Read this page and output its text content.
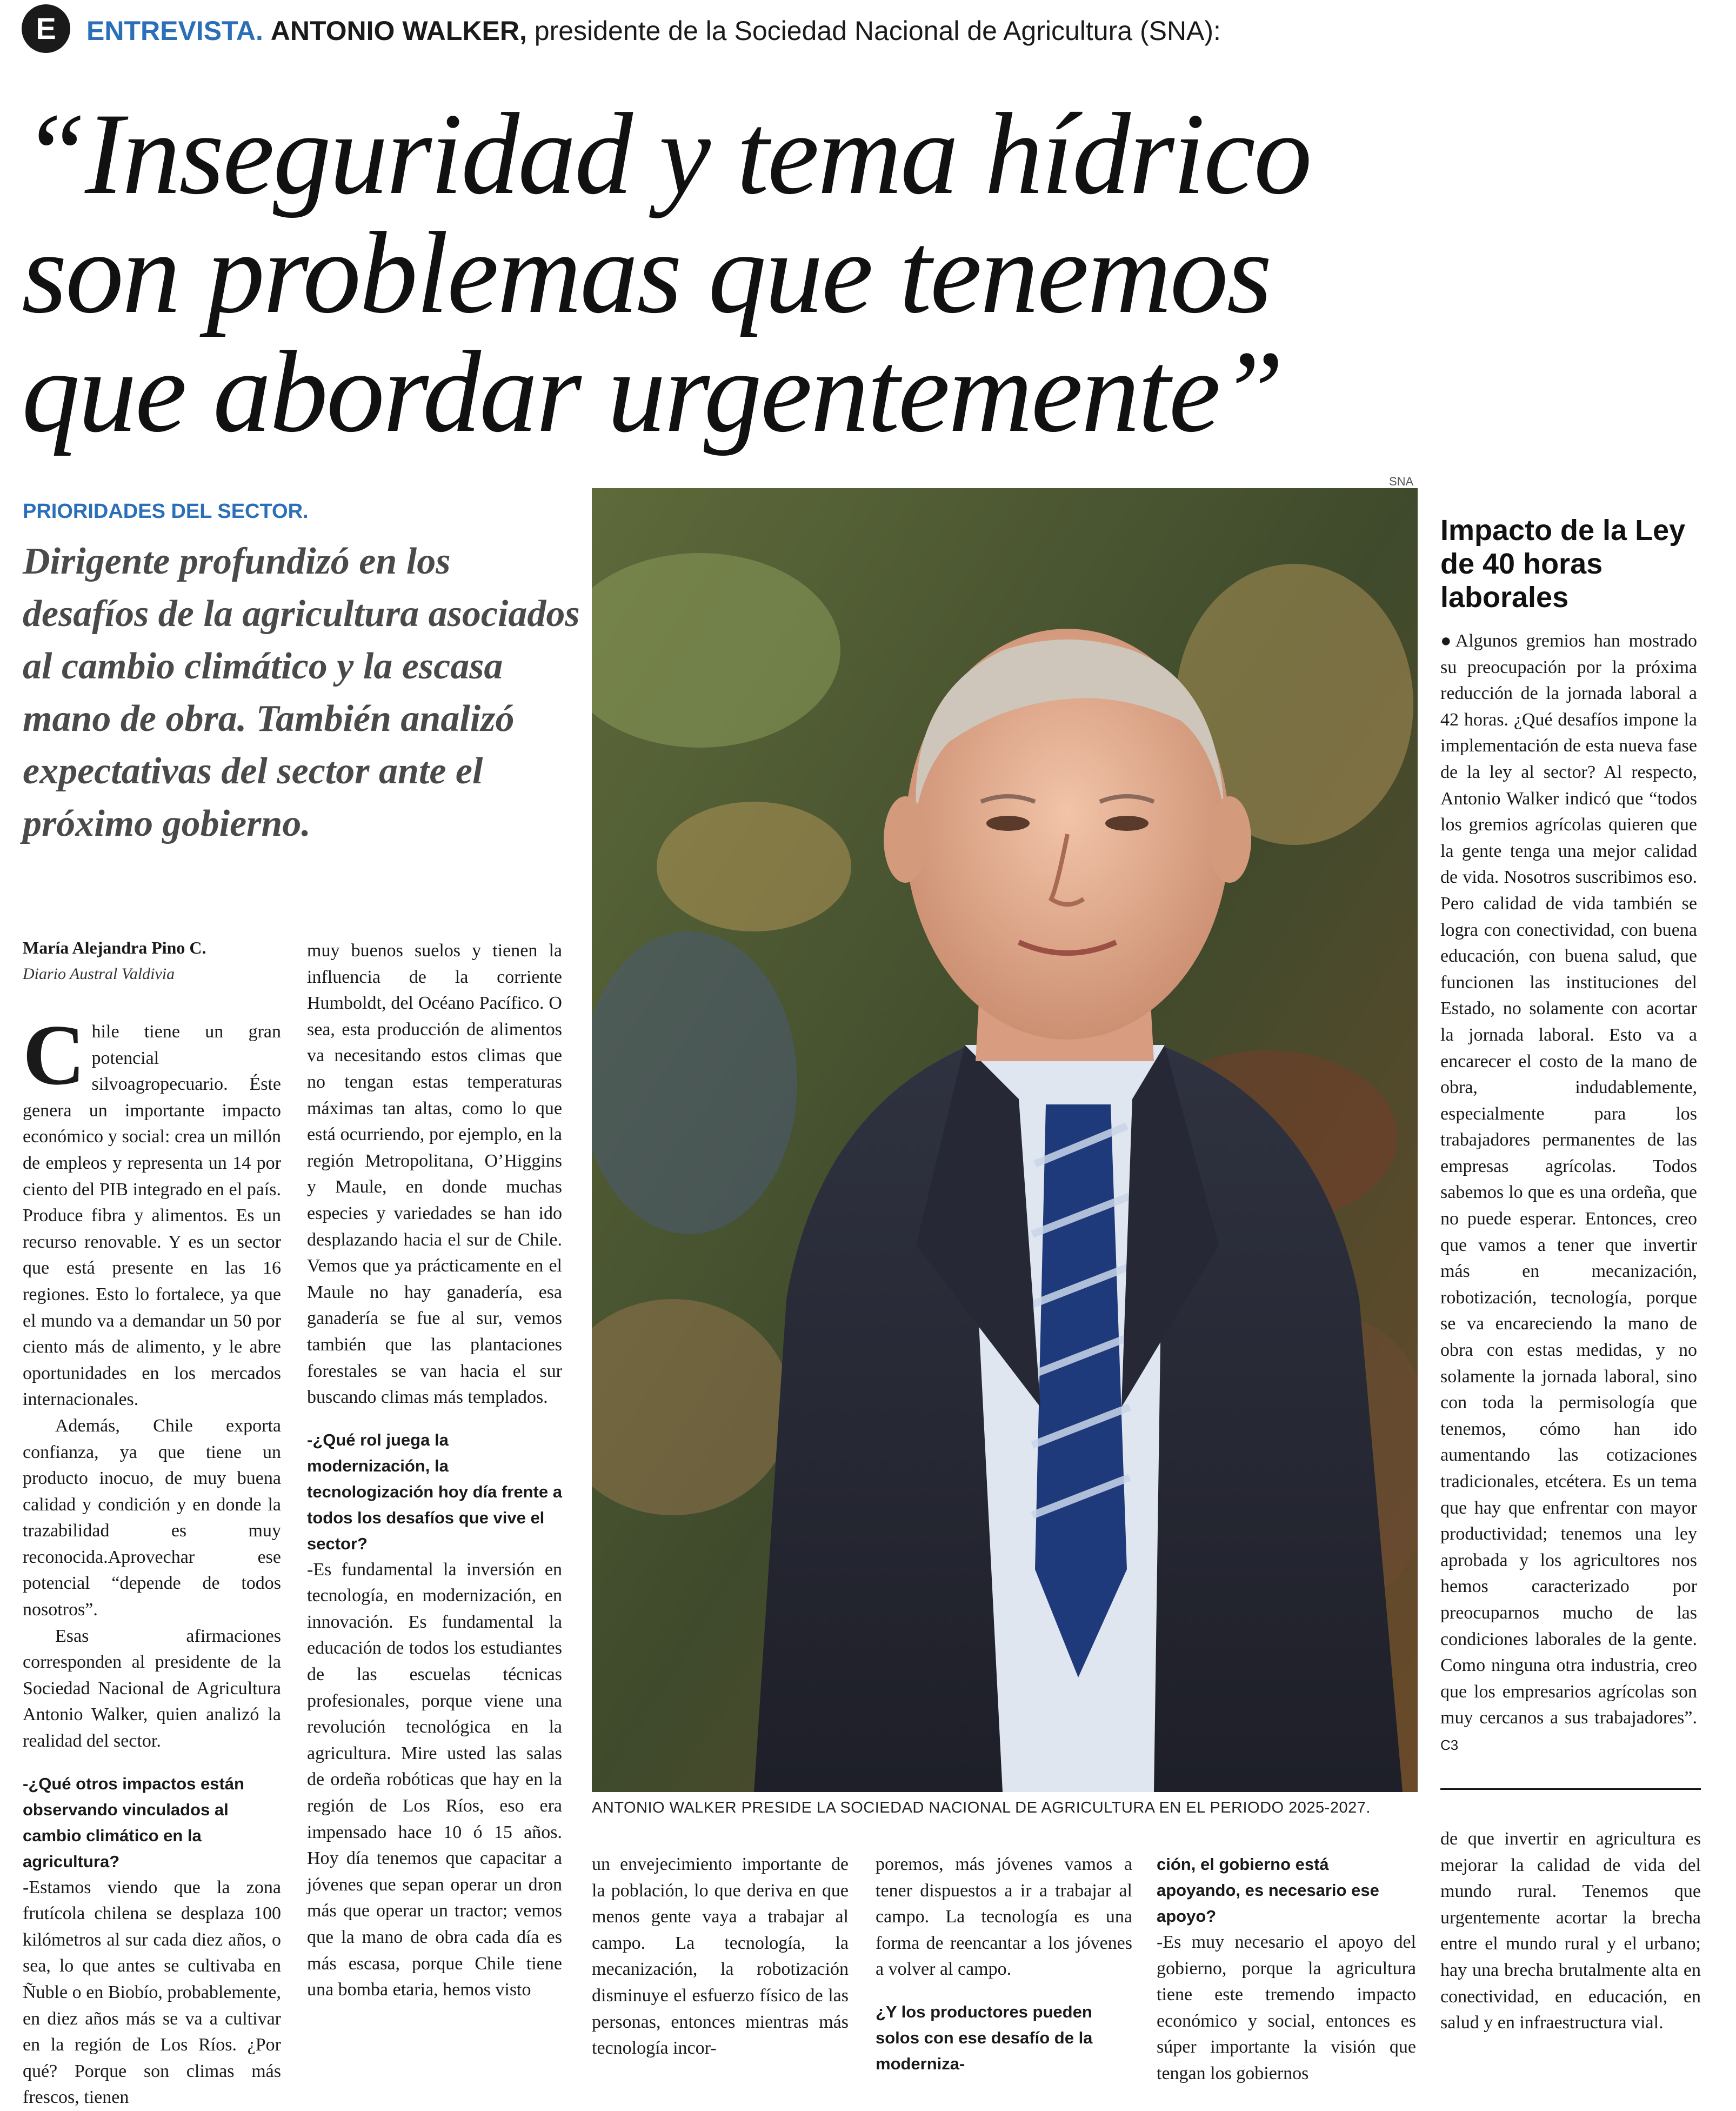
E	ENTREVISTA. ANTONIO WALKER, presidente de la Sociedad Nacional de Agricultura (SNA):
“Inseguridad y tema hídrico
son problemas que tenemos
que abordar urgentemente”
PRIORIDADES DEL SECTOR.
Dirigente profundizó en los desafíos de la agricultura asociados al cambio climático y la escasa mano de obra. También analizó expectativas del sector ante el próximo gobierno.
María Alejandra Pino C.
Diario Austral Valdivia

Chile tiene un gran potencial silvoagropecuario. Éste genera un importante impacto económico y social: crea un millón de empleos y representa un 14 por ciento del PIB integrado en el país. Produce fibra y alimentos. Es un recurso renovable. Y es un sector que está presente en las 16 regiones. Esto lo fortalece, ya que el mundo va a demandar un 50 por ciento más de alimento, y le abre oportunidades en los mercados internacionales.

Además, Chile exporta confianza, ya que tiene un producto inocuo, de muy buena calidad y condición y en donde la trazabilidad es muy reconocida.Aprovechar ese potencial “depende de todos nosotros”.

Esas afirmaciones corresponden al presidente de la Sociedad Nacional de Agricultura Antonio Walker, quien analizó la realidad del sector.

-¿Qué otros impactos están observando vinculados al cambio climático en la agricultura?

-Estamos viendo que la zona frutícola chilena se desplaza 100 kilómetros al sur cada diez años, o sea, lo que antes se cultivaba en Ñuble o en Biobío, probablemente, en diez años más se va a cultivar en la región de Los Ríos. ¿Por qué? Porque son climas más frescos, tienen

muy buenos suelos y tienen la influencia de la corriente Humboldt, del Océano Pacífico. O sea, esta producción de alimentos va necesitando estos climas que no tengan estas temperaturas máximas tan altas, como lo que está ocurriendo, por ejemplo, en la región Metropolitana, O’Higgins y Maule, en donde muchas especies y variedades se han ido desplazando hacia el sur de Chile. Vemos que ya prácticamente en el Maule no hay ganadería, esa ganadería se fue al sur, vemos también que las plantaciones forestales se van hacia el sur buscando climas más templados.

-¿Qué rol juega la modernización, la tecnologización hoy día frente a todos los desafíos que vive el sector?

-Es fundamental la inversión en tecnología, en modernización, en innovación. Es fundamental la educación de todos los estudiantes de las escuelas técnicas profesionales, porque viene una revolución tecnológica en la agricultura. Mire usted las salas de ordeña robóticas que hay en la región de Los Ríos, eso era impensado hace 10 ó 15 años. Hoy día tenemos que capacitar a jóvenes que sepan operar un dron más que operar un tractor; vemos que la mano de obra cada día es más escasa, porque Chile tiene una bomba etaria, hemos visto

SNA
ANTONIO WALKER PRESIDE LA SOCIEDAD NACIONAL DE AGRICULTURA EN EL PERIODO 2025-2027.
Impacto de la Ley de 40 horas laborales

●Algunos gremios han mostrado su preocupación por la próxima reducción de la jornada laboral a 42 horas. ¿Qué desafíos impone la implementación de esta nueva fase de la ley al sector? Al respecto, Antonio Walker indicó que “todos los gremios agrícolas quieren que la gente tenga una mejor calidad de vida. Nosotros suscribimos eso. Pero calidad de vida también se logra con conectividad, con buena educación, con buena salud, que funcionen las instituciones del Estado, no solamente con acortar la jornada laboral. Esto va a encarecer el costo de la mano de obra, indudablemente, especialmente para los trabajadores permanentes de las empresas agrícolas. Todos sabemos lo que es una ordeña, que no puede esperar. Entonces, creo que vamos a tener que invertir más en mecanización, robotización, tecnología, porque se va encareciendo la mano de obra con estas medidas, y no solamente la jornada laboral, sino con toda la permisología que tenemos, cómo han ido aumentando las cotizaciones tradicionales, etcétera. Es un tema que hay que enfrentar con mayor productividad; tenemos una ley aprobada y los agricultores nos hemos caracterizado por preocuparnos mucho de las condiciones laborales de la gente. Como ninguna otra industria, creo que los empresarios agrícolas son muy cercanos a sus trabajadores”. C3

un envejecimiento importante de la población, lo que deriva en que menos gente vaya a trabajar al campo. La tecnología, la mecanización, la robotización disminuye el esfuerzo físico de las personas, entonces mientras más tecnología incor-

poremos, más jóvenes vamos a tener dispuestos a ir a trabajar al campo. La tecnología es una forma de reencantar a los jóvenes a volver al campo.

¿Y los productores pueden solos con ese desafío de la moderniza-

ción, el gobierno está apoyando, es necesario ese apoyo?

-Es muy necesario el apoyo del gobierno, porque la agricultura tiene este tremendo impacto económico y social, entonces es súper importante la visión que tengan los gobiernos

de que invertir en agricultura es mejorar la calidad de vida del mundo rural. Tenemos que urgentemente acortar la brecha entre el mundo rural y el urbano; hay una brecha brutalmente alta en conectividad, en educación, en salud y en infraestructura vial.
